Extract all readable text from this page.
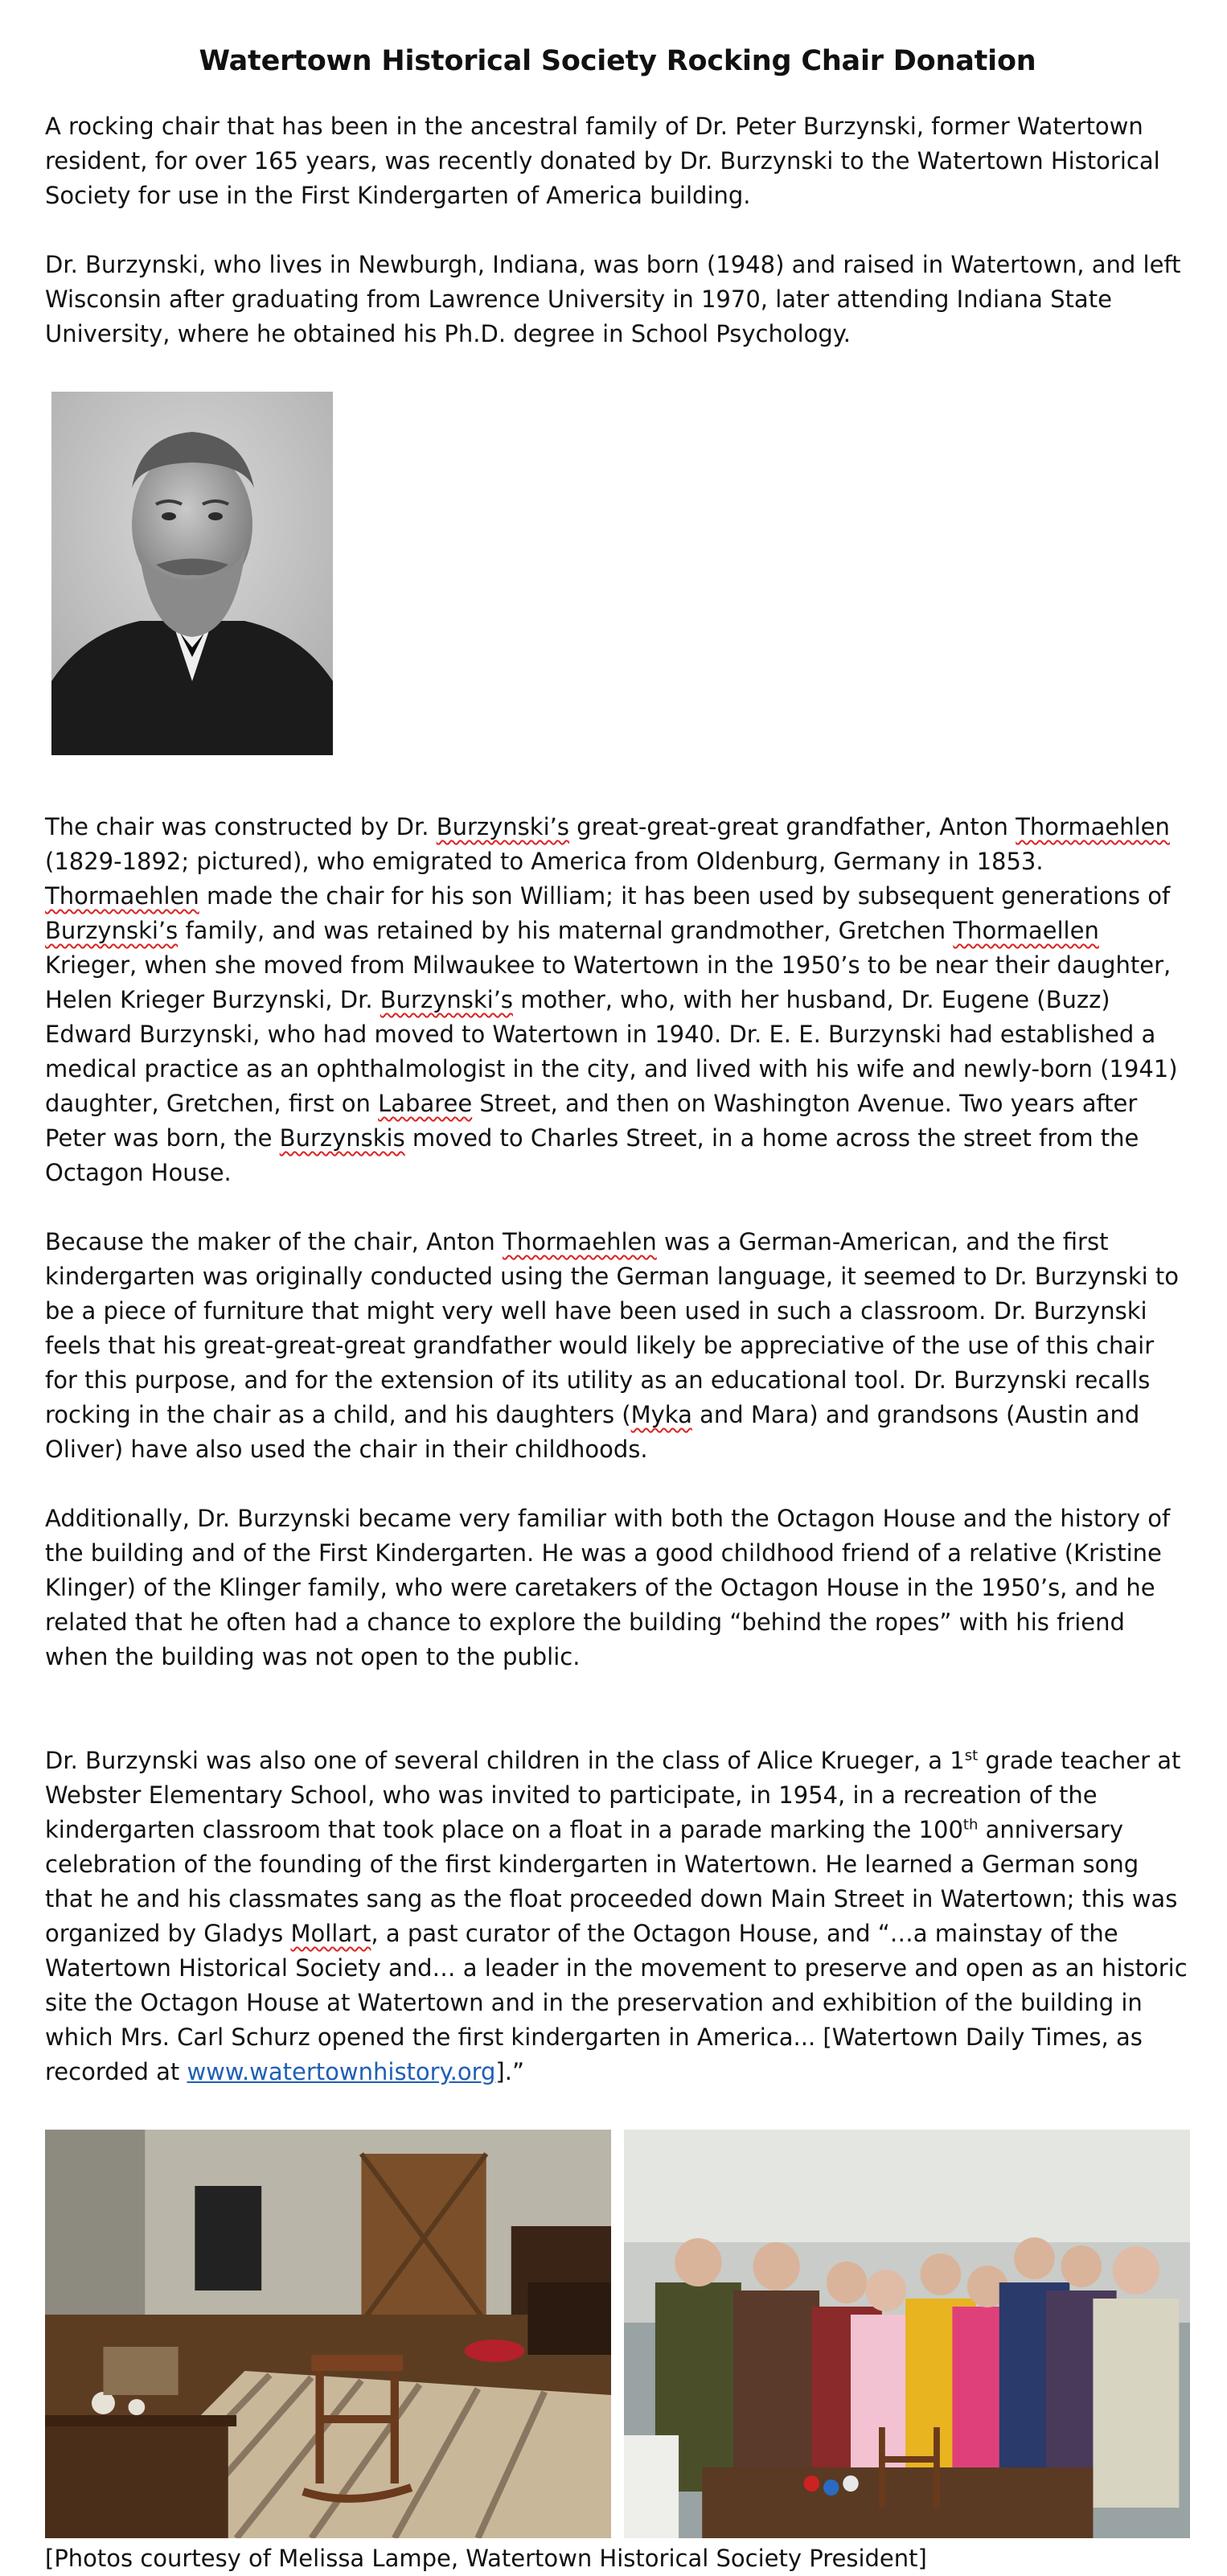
Watertown Historical Society Rocking Chair Donation

A rocking chair that has been in the ancestral family of Dr. Peter Burzynski, former Watertown resident, for over 165 years, was recently donated by Dr. Burzynski to the Watertown Historical Society for use in the First Kindergarten of America building.

Dr. Burzynski, who lives in Newburgh, Indiana, was born (1948) and raised in Watertown, and left Wisconsin after graduating from Lawrence University in 1970, later attending Indiana State University, where he obtained his Ph.D. degree in School Psychology.

The chair was constructed by Dr. Burzynski’s great-great-great grandfather, Anton Thormaehlen (1829-1892; pictured), who emigrated to America from Oldenburg, Germany in 1853. Thormaehlen made the chair for his son William; it has been used by subsequent generations of Burzynski’s family, and was retained by his maternal grandmother, Gretchen Thormaellen Krieger, when she moved from Milwaukee to Watertown in the 1950’s to be near their daughter, Helen Krieger Burzynski, Dr. Burzynski’s mother, who, with her husband, Dr. Eugene (Buzz) Edward Burzynski, who had moved to Watertown in 1940. Dr. E. E. Burzynski had established a medical practice as an ophthalmologist in the city, and lived with his wife and newly-born (1941) daughter, Gretchen, first on Labaree Street, and then on Washington Avenue. Two years after Peter was born, the Burzynskis moved to Charles Street, in a home across the street from the Octagon House.

Because the maker of the chair, Anton Thormaehlen was a German-American, and the first kindergarten was originally conducted using the German language, it seemed to Dr. Burzynski to be a piece of furniture that might very well have been used in such a classroom. Dr. Burzynski feels that his great-great-great grandfather would likely be appreciative of the use of this chair for this purpose, and for the extension of its utility as an educational tool. Dr. Burzynski recalls rocking in the chair as a child, and his daughters (Myka and Mara) and grandsons (Austin and Oliver) have also used the chair in their childhoods.

Additionally, Dr. Burzynski became very familiar with both the Octagon House and the history of the building and of the First Kindergarten. He was a good childhood friend of a relative (Kristine Klinger) of the Klinger family, who were caretakers of the Octagon House in the 1950’s, and he related that he often had a chance to explore the building “behind the ropes” with his friend when the building was not open to the public.

Dr. Burzynski was also one of several children in the class of Alice Krueger, a 1st grade teacher at Webster Elementary School, who was invited to participate, in 1954, in a recreation of the kindergarten classroom that took place on a float in a parade marking the 100th anniversary celebration of the founding of the first kindergarten in Watertown. He learned a German song that he and his classmates sang as the float proceeded down Main Street in Watertown; this was organized by Gladys Mollart, a past curator of the Octagon House, and “…a mainstay of the Watertown Historical Society and… a leader in the movement to preserve and open as an historic site the Octagon House at Watertown and in the preservation and exhibition of the building in which Mrs. Carl Schurz opened the first kindergarten in America... [Watertown Daily Times, as recorded at www.watertownhistory.org].”

[Photos courtesy of Melissa Lampe, Watertown Historical Society President]
